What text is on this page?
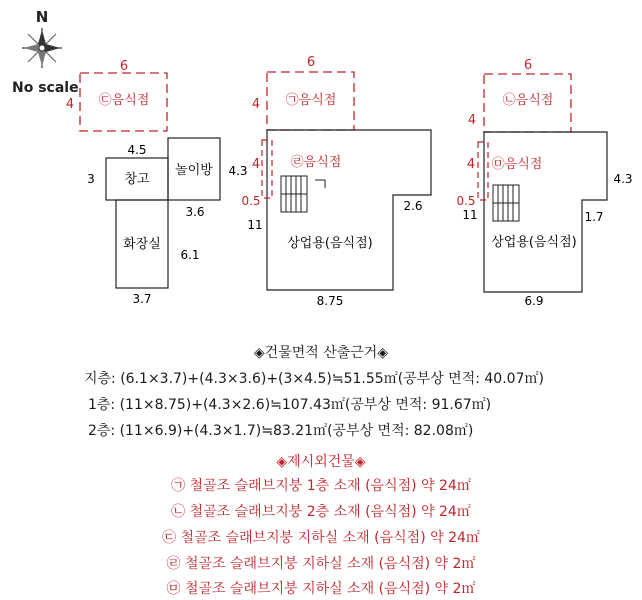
N
No scale
6
4 ㉢음식점
창고
4.5
3
놀이방 4.3
3.6
화장실
6.1
3.7
6
4 ㉠음식점
㉣음식점
4
0.5
11
상업용(음식점)
8.75
2.6
6
4
㉡음식점
㉤음식점
4
0.5
11
상업용(음식점)
6.9
4.3
1.7
◈건물면적 산출근거◈
지층: (6.1×3.7)+(4.3×3.6)+(3×4.5)≒51.55㎡(공부상 면적: 40.07㎡)
1층: (11×8.75)+(4.3×2.6)≒107.43㎡(공부상 면적: 91.67㎡)
2층: (11×6.9)+(4.3×1.7)≒83.21㎡(공부상 면적: 82.08㎡)
◈제시외건물◈
㉠ 철골조 슬래브지붕 1층 소재 (음식점) 약 24㎡
㉡ 철골조 슬래브지붕 2층 소재 (음식점) 약 24㎡
㉢ 철골조 슬래브지붕 지하실 소재 (음식점) 약 24㎡
㉣ 철골조 슬래브지붕 지하실 소재 (음식점) 약 2㎡
㉤ 철골조 슬래브지붕 지하실 소재 (음식점) 약 2㎡
